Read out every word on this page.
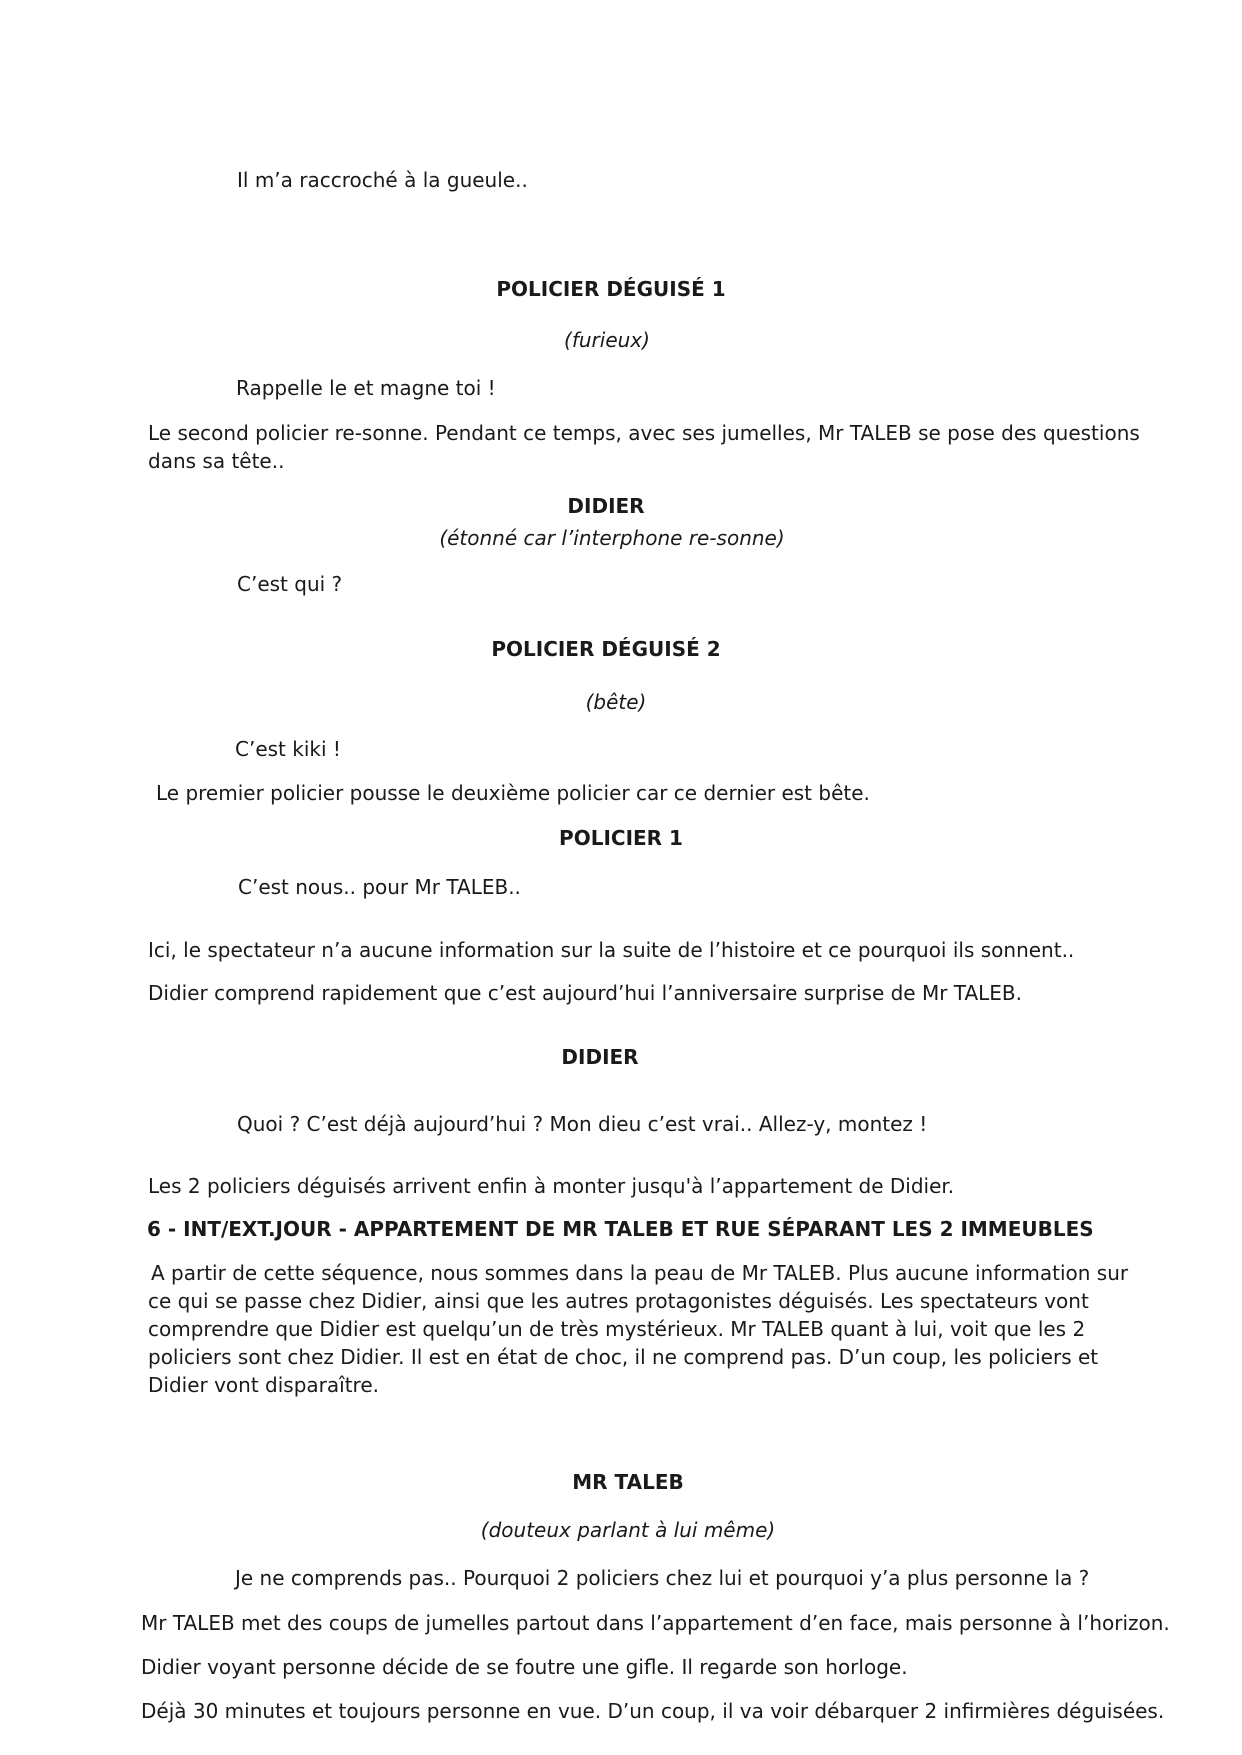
Il m’a raccroché à la gueule..
POLICIER DÉGUISÉ 1
(furieux)
Rappelle le et magne toi !
Le second policier re-sonne. Pendant ce temps, avec ses jumelles, Mr TALEB se pose des questions
dans sa tête..
DIDIER
(étonné car l’interphone re-sonne)
C’est qui ?
POLICIER DÉGUISÉ 2
(bête)
C’est kiki !
Le premier policier pousse le deuxième policier car ce dernier est bête.
POLICIER 1
C’est nous.. pour Mr TALEB..
Ici, le spectateur n’a aucune information sur la suite de l’histoire et ce pourquoi ils sonnent..
Didier comprend rapidement que c’est aujourd’hui l’anniversaire surprise de Mr TALEB.
DIDIER
Quoi ? C’est déjà aujourd’hui ? Mon dieu c’est vrai.. Allez-y, montez !
Les 2 policiers déguisés arrivent enfin à monter jusqu'à l’appartement de Didier.
6 - INT/EXT.JOUR - APPARTEMENT DE MR TALEB ET RUE SÉPARANT LES 2 IMMEUBLES
A partir de cette séquence, nous sommes dans la peau de Mr TALEB. Plus aucune information sur
ce qui se passe chez Didier, ainsi que les autres protagonistes déguisés. Les spectateurs vont
comprendre que Didier est quelqu’un de très mystérieux. Mr TALEB quant à lui, voit que les 2
policiers sont chez Didier. Il est en état de choc, il ne comprend pas. D’un coup, les policiers et
Didier vont disparaître.
MR TALEB
(douteux parlant à lui même)
Je ne comprends pas.. Pourquoi 2 policiers chez lui et pourquoi y’a plus personne la ?
Mr TALEB met des coups de jumelles partout dans l’appartement d’en face, mais personne à l’horizon.
Didier voyant personne décide de se foutre une gifle. Il regarde son horloge.
Déjà 30 minutes et toujours personne en vue. D’un coup, il va voir débarquer 2 infirmières déguisées.
